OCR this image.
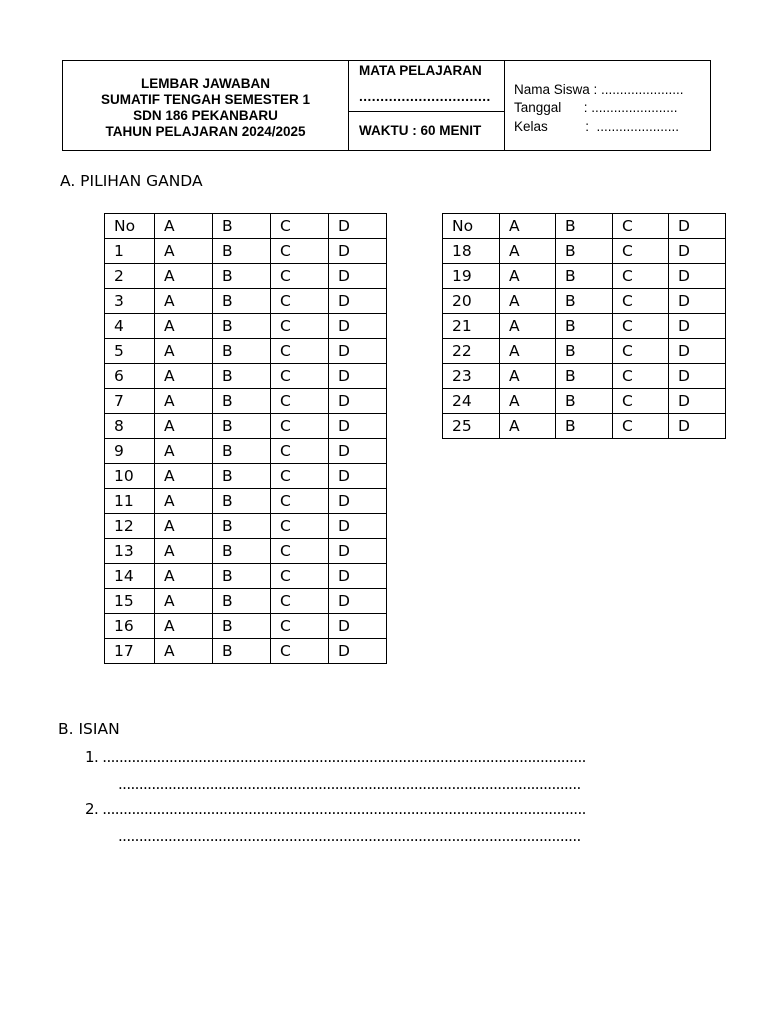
LEMBAR JAWABAN
SUMATIF TENGAH SEMESTER 1
SDN 186 PEKANBARU
TAHUN PELAJARAN 2024/2025
MATA PELAJARAN
...............................
WAKTU : 60 MENIT
Nama Siswa : ......................
Tanggal      : .......................
Kelas          :  ......................
A. PILIHAN GANDA
No	A	B	C	D
1	A	B	C	D
2	A	B	C	D
3	A	B	C	D
4	A	B	C	D
5	A	B	C	D
6	A	B	C	D
7	A	B	C	D
8	A	B	C	D
9	A	B	C	D
10	A	B	C	D
11	A	B	C	D
12	A	B	C	D
13	A	B	C	D
14	A	B	C	D
15	A	B	C	D
16	A	B	C	D
17	A	B	C	D
No	A	B	C	D
18	A	B	C	D
19	A	B	C	D
20	A	B	C	D
21	A	B	C	D
22	A	B	C	D
23	A	B	C	D
24	A	B	C	D
25	A	B	C	D
B. ISIAN
1. ....................................................................................................................
...............................................................................................................
2. ....................................................................................................................
...............................................................................................................
